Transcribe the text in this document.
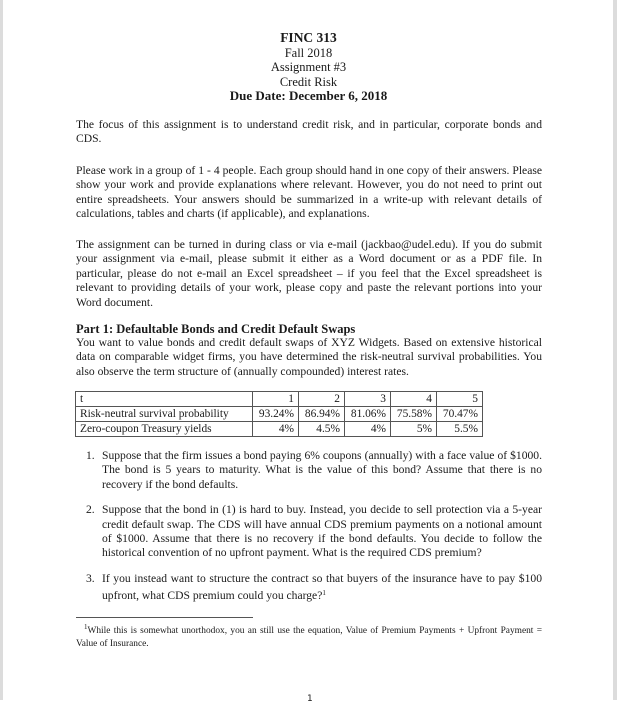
FINC 313
Fall 2018
Assignment #3
Credit Risk
Due Date: December 6, 2018

The focus of this assignment is to understand credit risk, and in particular, corporate bonds and CDS.

Please work in a group of 1 - 4 people. Each group should hand in one copy of their answers. Please show your work and provide explanations where relevant. However, you do not need to print out entire spreadsheets. Your answers should be summarized in a write-up with relevant details of calculations, tables and charts (if applicable), and explanations.

The assignment can be turned in during class or via e-mail (jackbao@udel.edu). If you do submit your assignment via e-mail, please submit it either as a Word document or as a PDF file. In particular, please do not e-mail an Excel spreadsheet – if you feel that the Excel spreadsheet is relevant to providing details of your work, please copy and paste the relevant portions into your Word document.

Part 1: Defaultable Bonds and Credit Default Swaps

You want to value bonds and credit default swaps of XYZ Widgets. Based on extensive historical data on comparable widget firms, you have determined the risk-neutral survival probabilities. You also observe the term structure of (annually compounded) interest rates.

t	1	2	3	4	5
Risk-neutral survival probability	93.24%	86.94%	81.06%	75.58%	70.47%
Zero-coupon Treasury yields	4%	4.5%	4%	5%	5.5%
1. Suppose that the firm issues a bond paying 6% coupons (annually) with a face value of $1000. The bond is 5 years to maturity. What is the value of this bond? Assume that there is no recovery if the bond defaults.
2. Suppose that the bond in (1) is hard to buy. Instead, you decide to sell protection via a 5-year credit default swap. The CDS will have annual CDS premium payments on a notional amount of $1000. Assume that there is no recovery if the bond defaults. You decide to follow the historical convention of no upfront payment. What is the required CDS premium?
3. If you instead want to structure the contract so that buyers of the insurance have to pay $100 upfront, what CDS premium could you charge?$^1$
$^1$While this is somewhat unorthodox, you an still use the equation, Value of Premium Payments + Upfront Payment = Value of Insurance.
1
